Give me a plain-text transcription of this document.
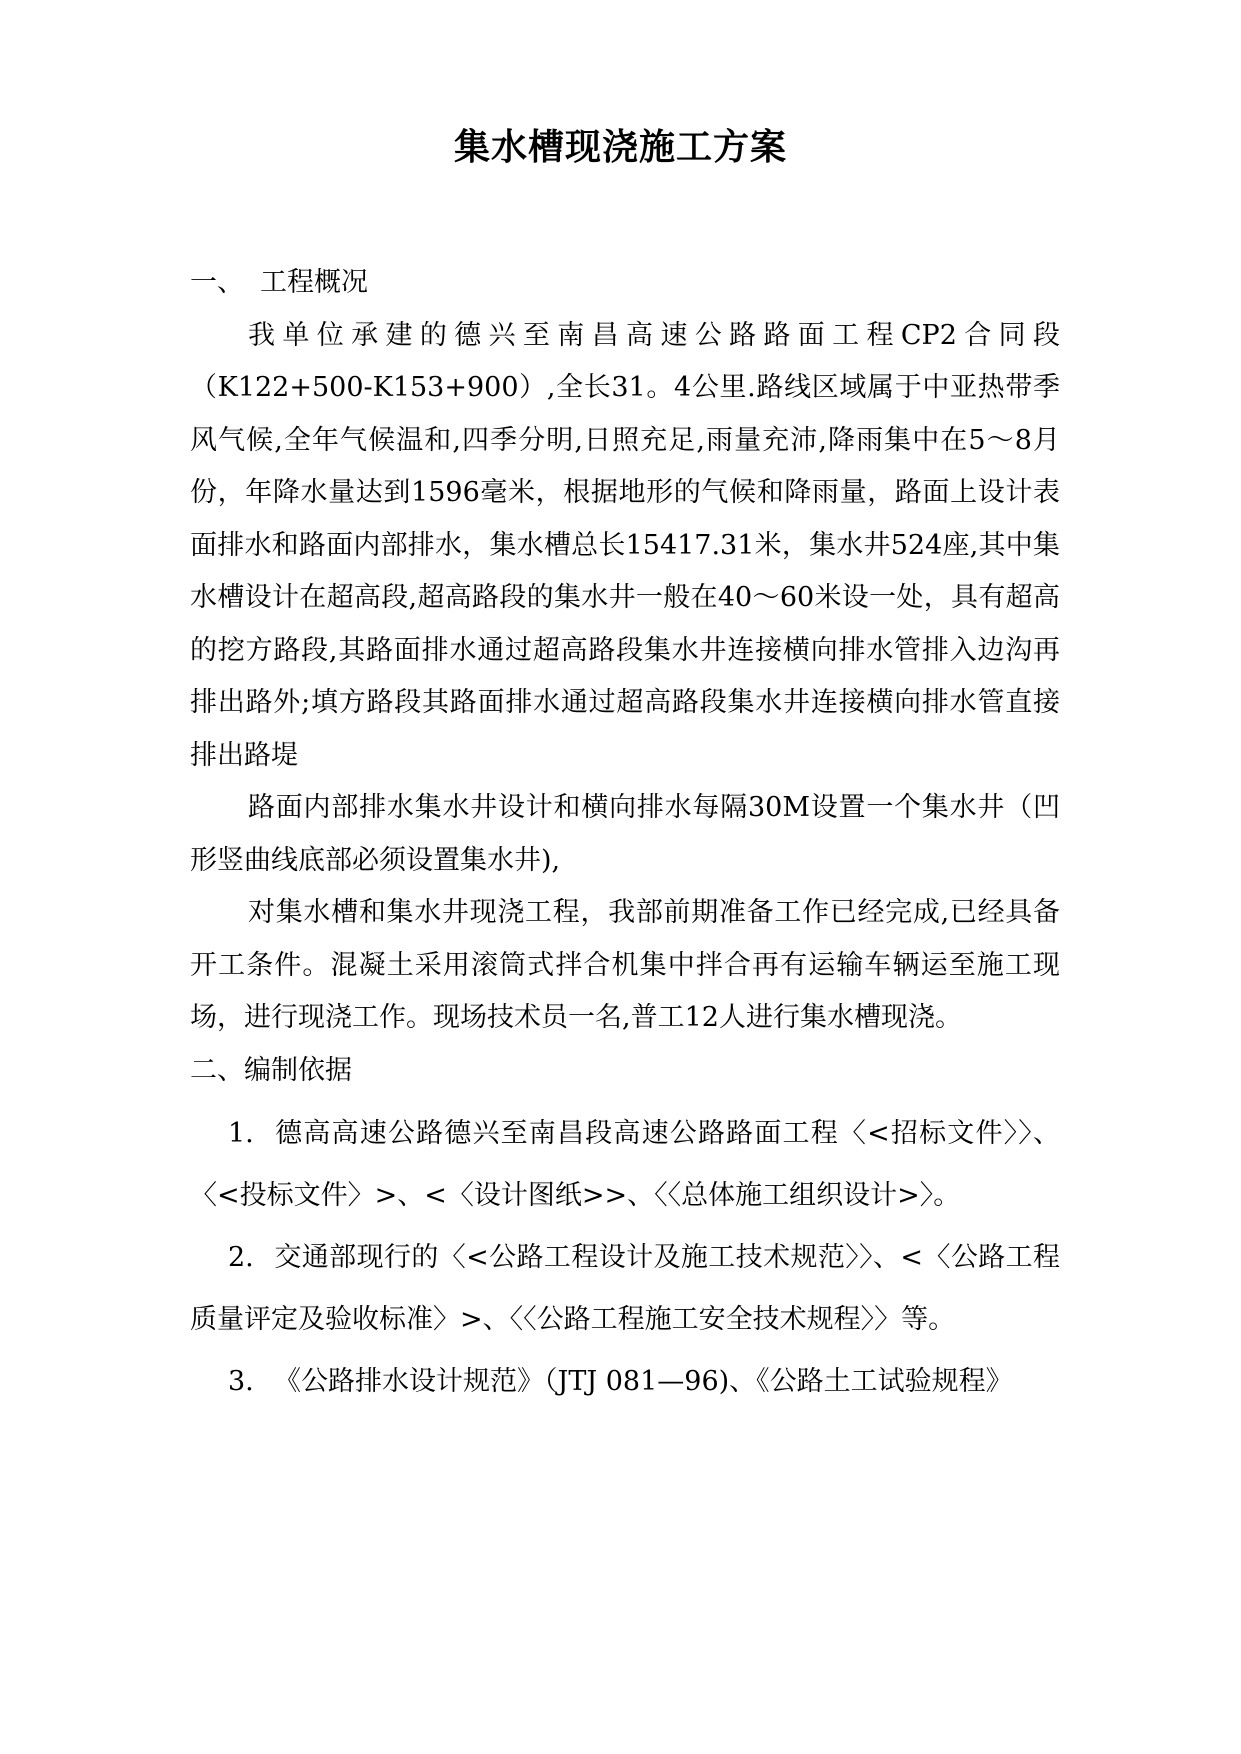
集水槽现浇施工方案

一、 工程概况

我单位承建的德兴至南昌高速公路路面工程CP2合同段（K122+500-K153+900）,全长31。4公里.路线区域属于中亚热带季风气候,全年气候温和,四季分明,日照充足,雨量充沛,降雨集中在5～8月份，年降水量达到1596毫米，根据地形的气候和降雨量，路面上设计表面排水和路面内部排水，集水槽总长15417.31米，集水井524座,其中集水槽设计在超高段,超高路段的集水井一般在40～60米设一处，具有超高的挖方路段,其路面排水通过超高路段集水井连接横向排水管排入边沟再排出路外;填方路段其路面排水通过超高路段集水井连接横向排水管直接排出路堤

路面内部排水集水井设计和横向排水每隔30M设置一个集水井（凹形竖曲线底部必须设置集水井),

对集水槽和集水井现浇工程，我部前期准备工作已经完成,已经具备开工条件。混凝土采用滚筒式拌合机集中拌合再有运输车辆运至施工现场，进行现浇工作。现场技术员一名,普工12人进行集水槽现浇。

二、编制依据

1. 德高高速公路德兴至南昌段高速公路路面工程〈<招标文件〉〉、〈<投标文件〉>、<〈设计图纸>>、〈〈总体施工组织设计>〉。

2. 交通部现行的〈<公路工程设计及施工技术规范〉〉、<〈公路工程质量评定及验收标准〉>、〈〈公路工程施工安全技术规程〉〉等。

3. 《公路排水设计规范》（JTJ 081—96)、《公路土工试验规程》
